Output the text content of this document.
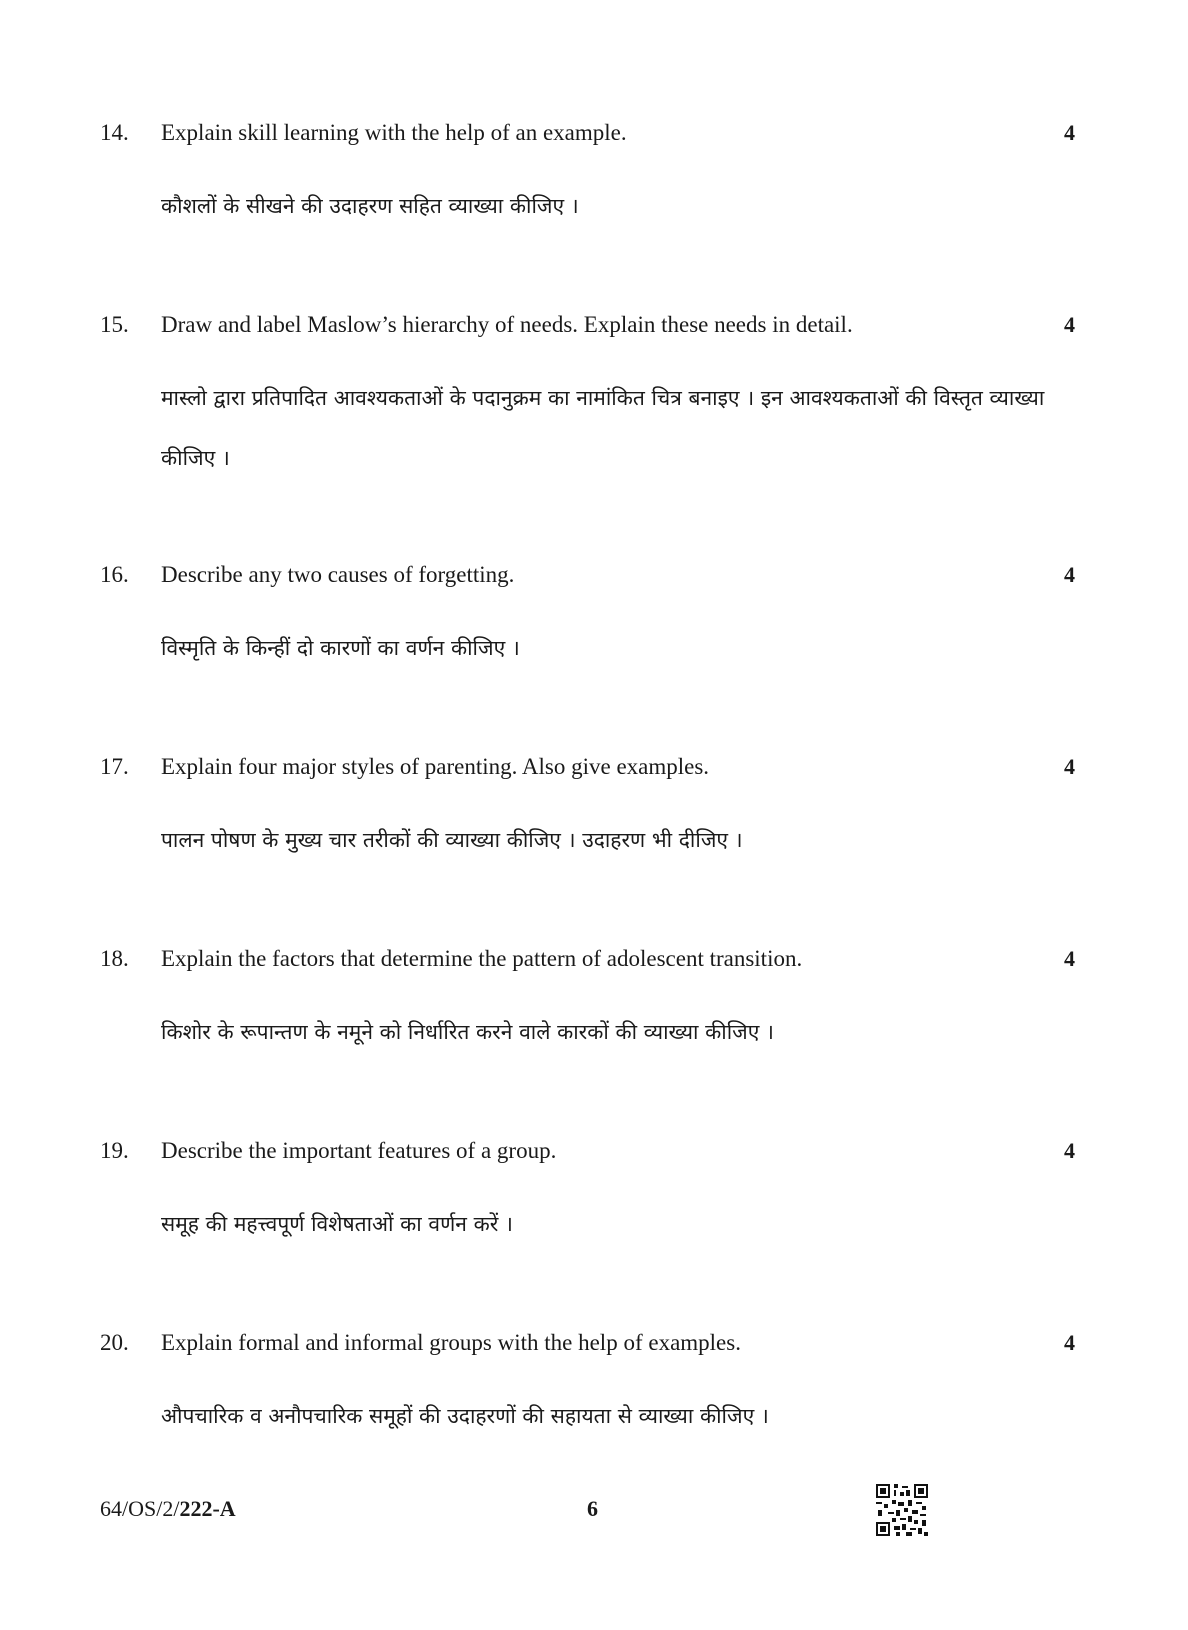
14. Explain skill learning with the help of an example.	4
कौशलों के सीखने की उदाहरण सहित व्याख्या कीजिए ।
15. Draw and label Maslow’s hierarchy of needs. Explain these needs in detail.	4
मास्लो द्वारा प्रतिपादित आवश्यकताओं के पदानुक्रम का नामांकित चित्र बनाइए । इन आवश्यकताओं की विस्तृत व्याख्या कीजिए ।
16. Describe any two causes of forgetting.	4
विस्मृति के किन्हीं दो कारणों का वर्णन कीजिए ।
17. Explain four major styles of parenting. Also give examples.	4
पालन पोषण के मुख्य चार तरीकों की व्याख्या कीजिए । उदाहरण भी दीजिए ।
18. Explain the factors that determine the pattern of adolescent transition.	4
किशोर के रूपान्तण के नमूने को निर्धारित करने वाले कारकों की व्याख्या कीजिए ।
19. Describe the important features of a group.	4
समूह की महत्त्वपूर्ण विशेषताओं का वर्णन करें ।
20. Explain formal and informal groups with the help of examples.	4
औपचारिक व अनौपचारिक समूहों की उदाहरणों की सहायता से व्याख्या कीजिए ।
64/OS/2/222-A	6
